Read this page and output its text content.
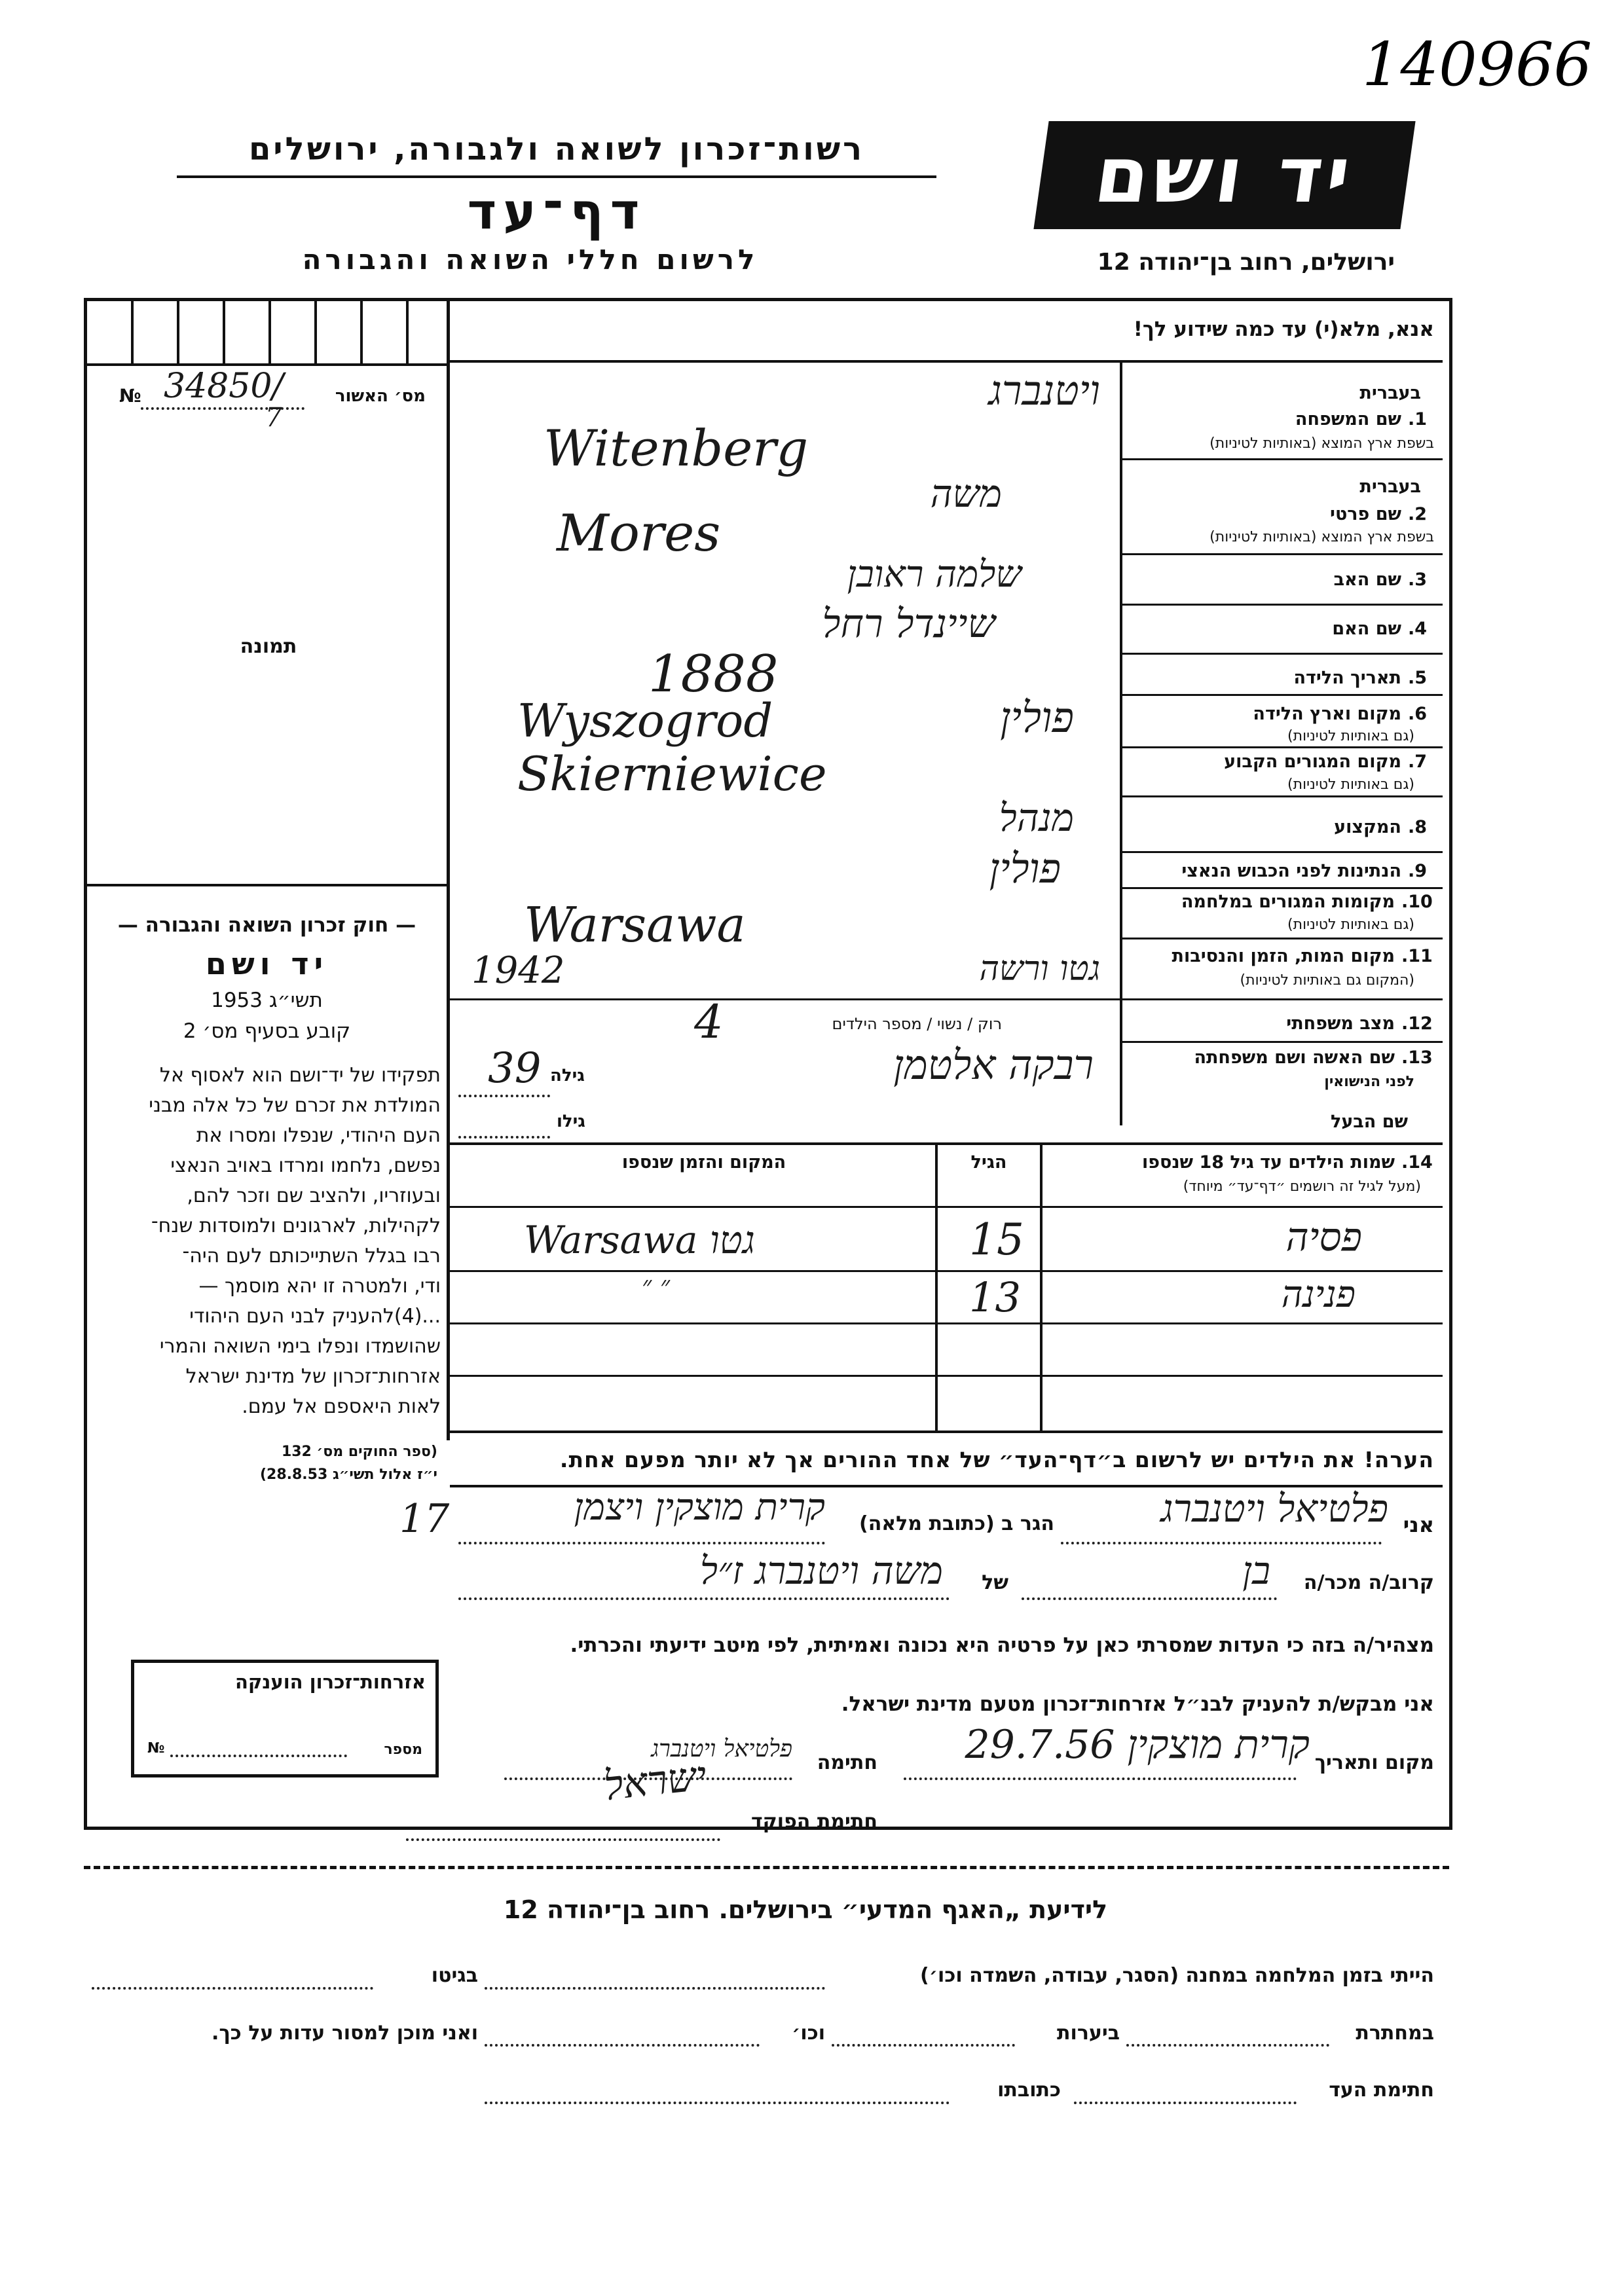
140966
רשות־זכרון לשואה ולגבורה, ירושלים
דף־עד
לרשום חללי השואה והגבורה
יד ושם
ירושלים, רחוב בן־יהודה 12
מס׳ האשור
№ 34850/
7
תמונה
— חוק זכרון השואה והגבורה —
יד ושם
תשי״ג 1953
קובע בסעיף מס׳ 2
תפקידו של יד־ושם הוא לאסוף אל
המולדת את זכרם של כל אלה מבני
העם היהודי, שנפלו ומסרו את
נפשם, נלחמו ומרדו באויב הנאצי
ובעוזריו, ולהציב שם וזכר להם,
לקהילות, לארגונים ולמוסדות שנח־
רבו בגלל השתייכותם לעם היה־
ודי, ולמטרה זו יהא מוסמך —
...(4)להעניק לבני העם היהודי
שהושמדו ונפלו בימי השואה והמרי
אזרחות־זכרון של מדינת ישראל
לאות היאספם אל עמם.
(ספר החוקים מס׳ 132
י״ז אלול תשי״ג 28.8.53)
אנא, מלא(י) עד כמה שידוע לך!
1.
בעברית
שם המשפחה
בשפת ארץ המוצא (באותיות לטיניות)
ויטנברג
Witenberg
בעברית
2.
שם פרטי
בשפת ארץ המוצא (באותיות לטיניות)
משה
Mores
3.
שם האב
שלמה ראובן
4.
שם האם
שיינדל רחל
5.
תאריך הלידה
1888
6.
מקום וארץ הלידה
(גם באותיות לטיניות)
Wyszogrod	פולין
7.
מקום המגורים הקבוע
(גם באותיות לטיניות)
Skierniewice
8.
המקצוע
מנהל
9.
הנתינות לפני הכבוש הנאצי
פולין
10.
מקומות המגורים במלחמה
(גם באותיות לטיניות)
Warsawa
11.
מקום המות, הזמן והנסיבות
(המקום גם באותיות לטיניות)
גטו ורשה
1942
12.
מצב משפחתי
רוק / נשוי / מספר הילדים
4
13.
שם האשה ושם משפחתה
לפני הנישואין
רבקה אלטמן
גילה
39
שם הבעל
גילו
14.
שמות הילדים עד גיל 18 שנספו
(מעל לגיל זה רושמים ״דף־עד״ מיוחד)
הגיל
המקום והזמן שנספו
פסיה
15
Warsawa גטו
פנינה
13
״ ״
הערה! את הילדים יש לרשום ב״דף־העד״ של אחד ההורים אך לא יותר מפעם אחת.
אני
פלטיאל ויטנברג
הגר ב (כתובת מלאה)
קרית מוצקין ויצמן
17
קרוב/ה מכר/ה
בן
של
משה ויטנברג ז״ל
מצהיר/ה בזה כי העדות שמסרתי כאן על פרטיה היא נכונה ואמיתית, לפי מיטב ידיעתי והכרתי.
אני מבקש/ת להעניק לבנ״ל אזרחות־זכרון מטעם מדינת ישראל.
מקום ותאריך
קרית מוצקין 29.7.56
חתימה
פלטיאל ויטנברג
חתימת הפוקד
ישראל
אזרחות־זכרון הוענקה
מספר
№
לידיעת „האגף המדעי״ בירושלים. רחוב בן־יהודה 12
הייתי בזמן המלחמה במחנה (הסגר, עבודה, השמדה וכו׳)
בגיטו
במחתרת
ביערות
וכו׳
ואני מוכן למסור עדות על כך.
חתימת העד
כתובתו
